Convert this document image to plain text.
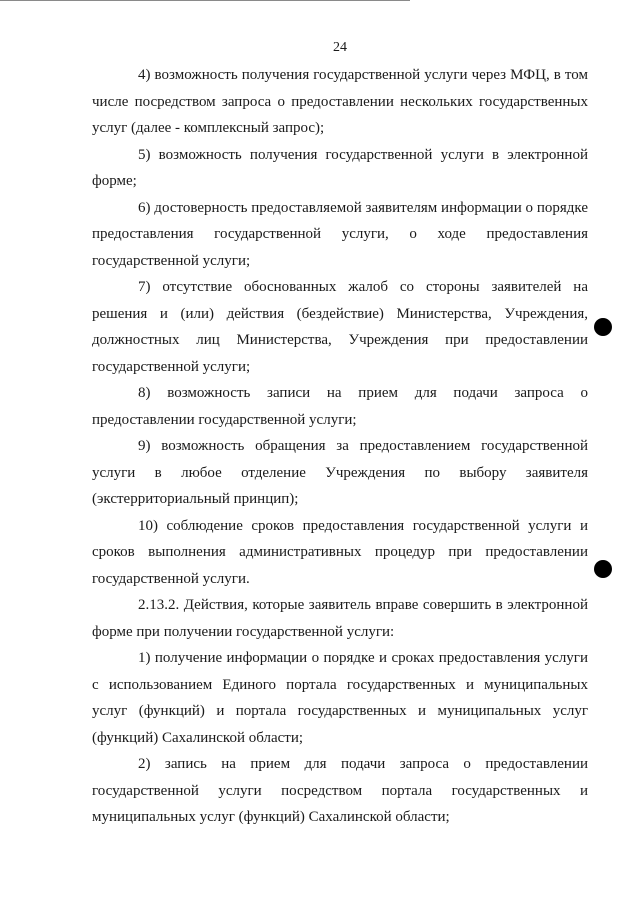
24

4) возможность получения государственной услуги через МФЦ, в том числе посредством запроса о предоставлении нескольких государственных услуг (далее - комплексный запрос);

5) возможность получения государственной услуги в электронной форме;

6) достоверность предоставляемой заявителям информации о порядке предоставления государственной услуги, о ходе предоставления государственной услуги;

7) отсутствие обоснованных жалоб со стороны заявителей на решения и (или) действия (бездействие) Министерства, Учреждения, должностных лиц Министерства, Учреждения при предоставлении государственной услуги;

8) возможность записи на прием для подачи запроса о предоставлении государственной услуги;

9) возможность обращения за предоставлением государственной услуги в любое отделение Учреждения по выбору заявителя (экстерриториальный принцип);

10) соблюдение сроков предоставления государственной услуги и сроков выполнения административных процедур при предоставлении государственной услуги.

2.13.2. Действия, которые заявитель вправе совершить в электронной форме при получении государственной услуги:

1) получение информации о порядке и сроках предоставления услуги с использованием Единого портала государственных и муниципальных услуг (функций) и портала государственных и муниципальных услуг (функций) Сахалинской области;

2) запись на прием для подачи запроса о предоставлении государственной услуги посредством портала государственных и муниципальных услуг (функций) Сахалинской области;
